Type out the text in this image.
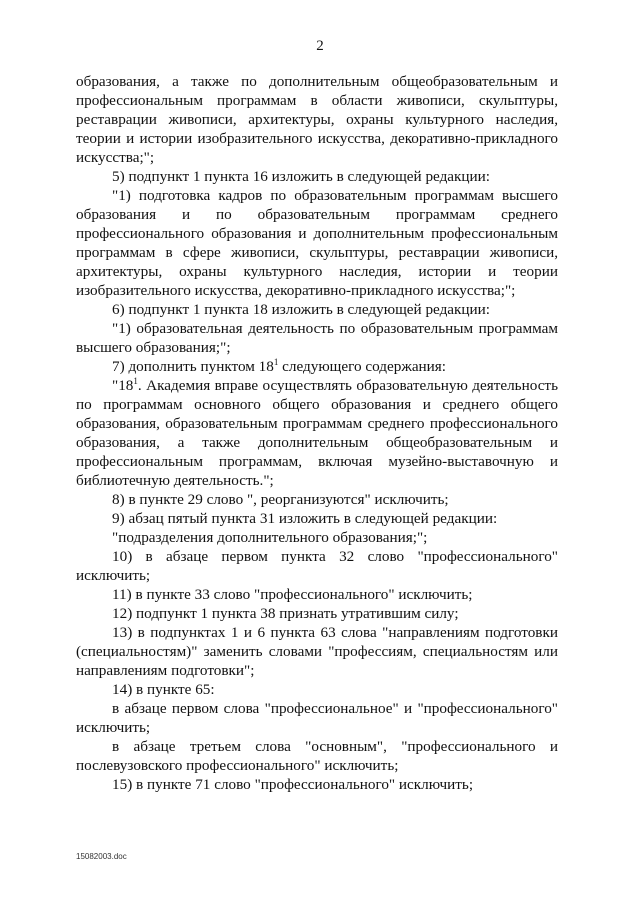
2

образования, а также по дополнительным общеобразовательным и профессиональным программам в области живописи, скульптуры, реставрации живописи, архитектуры, охраны культурного наследия, теории и истории изобразительного искусства, декоративно-прикладного искусства;";

5) подпункт 1 пункта 16 изложить в следующей редакции:

"1) подготовка кадров по образовательным программам высшего образования и по образовательным программам среднего профессионального образования и дополнительным профессиональным программам в сфере живописи, скульптуры, реставрации живописи, архитектуры, охраны культурного наследия, истории и теории изобразительного искусства, декоративно-прикладного искусства;";

6) подпункт 1 пункта 18 изложить в следующей редакции:

"1) образовательная деятельность по образовательным программам высшего образования;";

7) дополнить пунктом $18^1$ следующего содержания:

"$18^1$. Академия вправе осуществлять образовательную деятельность по программам основного общего образования и среднего общего образования, образовательным программам среднего профессионального образования, а также дополнительным общеобразовательным и профессиональным программам, включая музейно-выставочную и библиотечную деятельность.";

8) в пункте 29 слово ", реорганизуются" исключить;

9) абзац пятый пункта 31 изложить в следующей редакции:

"подразделения дополнительного образования;";

10) в абзаце первом пункта 32 слово "профессионального" исключить;

11) в пункте 33 слово "профессионального" исключить;

12) подпункт 1 пункта 38 признать утратившим силу;

13) в подпунктах 1 и 6 пункта 63 слова "направлениям подготовки (специальностям)" заменить словами "профессиям, специальностям или направлениям подготовки";

14) в пункте 65:

в абзаце первом слова "профессиональное" и "профессионального" исключить;

в абзаце третьем слова "основным", "профессионального и послевузовского профессионального" исключить;

15) в пункте 71 слово "профессионального" исключить;

15082003.doc
